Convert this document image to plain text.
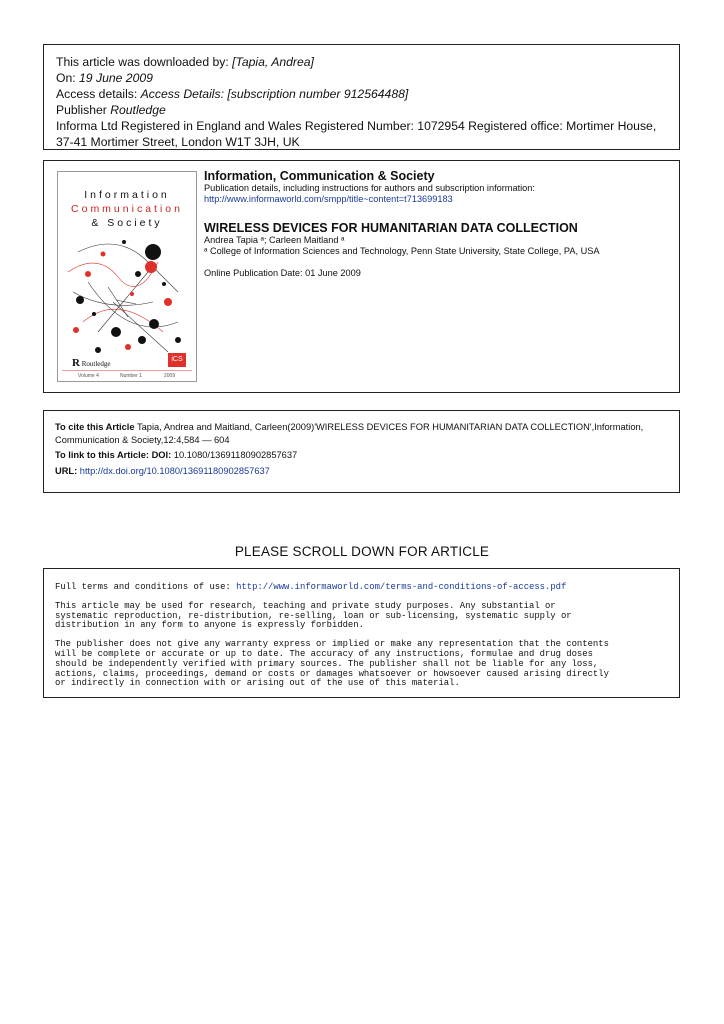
This article was downloaded by: [Tapia, Andrea]
On: 19 June 2009
Access details: Access Details: [subscription number 912564488]
Publisher Routledge
Informa Ltd Registered in England and Wales Registered Number: 1072954 Registered office: Mortimer House, 37-41 Mortimer Street, London W1T 3JH, UK
Information
Communication
& Society
R Routledge
iCS
Volume 4	Number 1	2009
Information, Communication & Society
Publication details, including instructions for authors and subscription information:
http://www.informaworld.com/smpp/title~content=t713699183
WIRELESS DEVICES FOR HUMANITARIAN DATA COLLECTION
Andrea Tapia ᵃ; Carleen Maitland ᵃ
ᵃ College of Information Sciences and Technology, Penn State University, State College, PA, USA
Online Publication Date: 01 June 2009
To cite this Article Tapia, Andrea and Maitland, Carleen(2009)'WIRELESS DEVICES FOR HUMANITARIAN DATA COLLECTION',Information, Communication & Society,12:4,584 — 604
To link to this Article: DOI: 10.1080/13691180902857637
URL: http://dx.doi.org/10.1080/13691180902857637
PLEASE SCROLL DOWN FOR ARTICLE

Full terms and conditions of use: http://www.informaworld.com/terms-and-conditions-of-access.pdf

This article may be used for research, teaching and private study purposes. Any substantial or
systematic reproduction, re-distribution, re-selling, loan or sub-licensing, systematic supply or
distribution in any form to anyone is expressly forbidden.

The publisher does not give any warranty express or implied or make any representation that the contents
will be complete or accurate or up to date. The accuracy of any instructions, formulae and drug doses
should be independently verified with primary sources. The publisher shall not be liable for any loss,
actions, claims, proceedings, demand or costs or damages whatsoever or howsoever caused arising directly
or indirectly in connection with or arising out of the use of this material.
